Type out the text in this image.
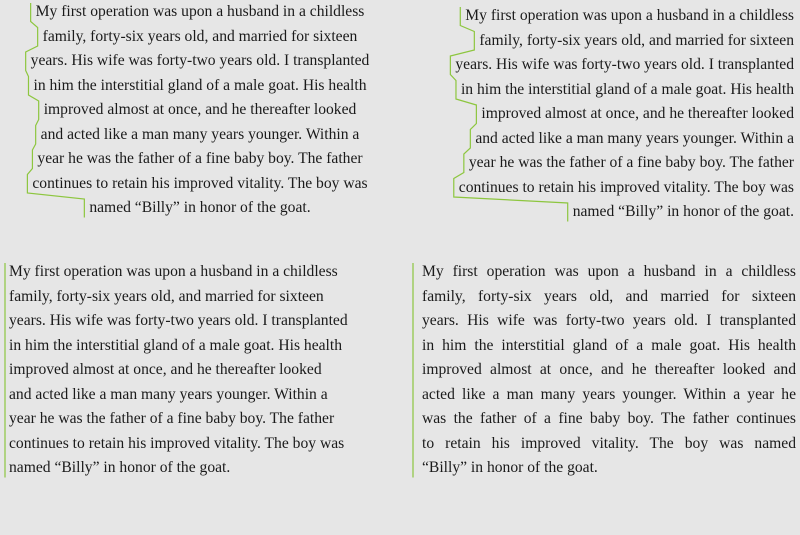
My first operation was upon a husband in a childless
family, forty-six years old, and married for sixteen
years. His wife was forty-two years old. I transplanted
in him the interstitial gland of a male goat. His health
improved almost at once, and he thereafter looked
and acted like a man many years younger. Within a
year he was the father of a fine baby boy. The father
continues to retain his improved vitality. The boy was
named “Billy” in honor of the goat.
My first operation was upon a husband in a childless
family, forty-six years old, and married for sixteen
years. His wife was forty-two years old. I transplanted
in him the interstitial gland of a male goat. His health
improved almost at once, and he thereafter looked
and acted like a man many years younger. Within a
year he was the father of a fine baby boy. The father
continues to retain his improved vitality. The boy was
named “Billy” in honor of the goat.
My first operation was upon a husband in a childless
family, forty-six years old, and married for sixteen
years. His wife was forty-two years old. I transplanted
in him the interstitial gland of a male goat. His health
improved almost at once, and he thereafter looked
and acted like a man many years younger. Within a
year he was the father of a fine baby boy. The father
continues to retain his improved vitality. The boy was
named “Billy” in honor of the goat.
My first operation was upon a husband in a childless
family, forty-six years old, and married for sixteen
years. His wife was forty-two years old. I transplanted
in him the interstitial gland of a male goat. His health
improved almost at once, and he thereafter looked and
acted like a man many years younger. Within a year he
was the father of a fine baby boy. The father continues
to retain his improved vitality. The boy was named
“Billy” in honor of the goat.
